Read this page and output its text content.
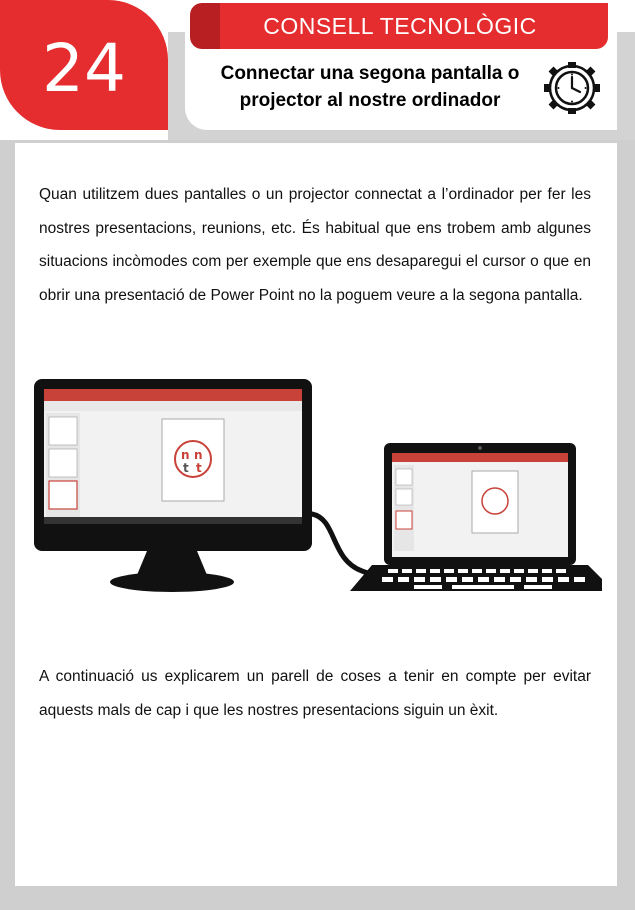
CONSELL TECNOLÒGIC
24	Connectar una segona pantalla o
projector al nostre ordinador
Quan utilitzem dues pantalles o un projector connectat a l’ordinador per fer les nostres presentacions, reunions, etc. És habitual que ens trobem amb algunes situacions incòmodes com per exemple que ens desaparegui el cursor o que en obrir una presentació de Power Point no la poguem veure a la segona pantalla.
n n
t t
A continuació us explicarem un parell de coses a tenir en compte per evitar aquests mals de cap i que les nostres presentacions siguin un èxit.
